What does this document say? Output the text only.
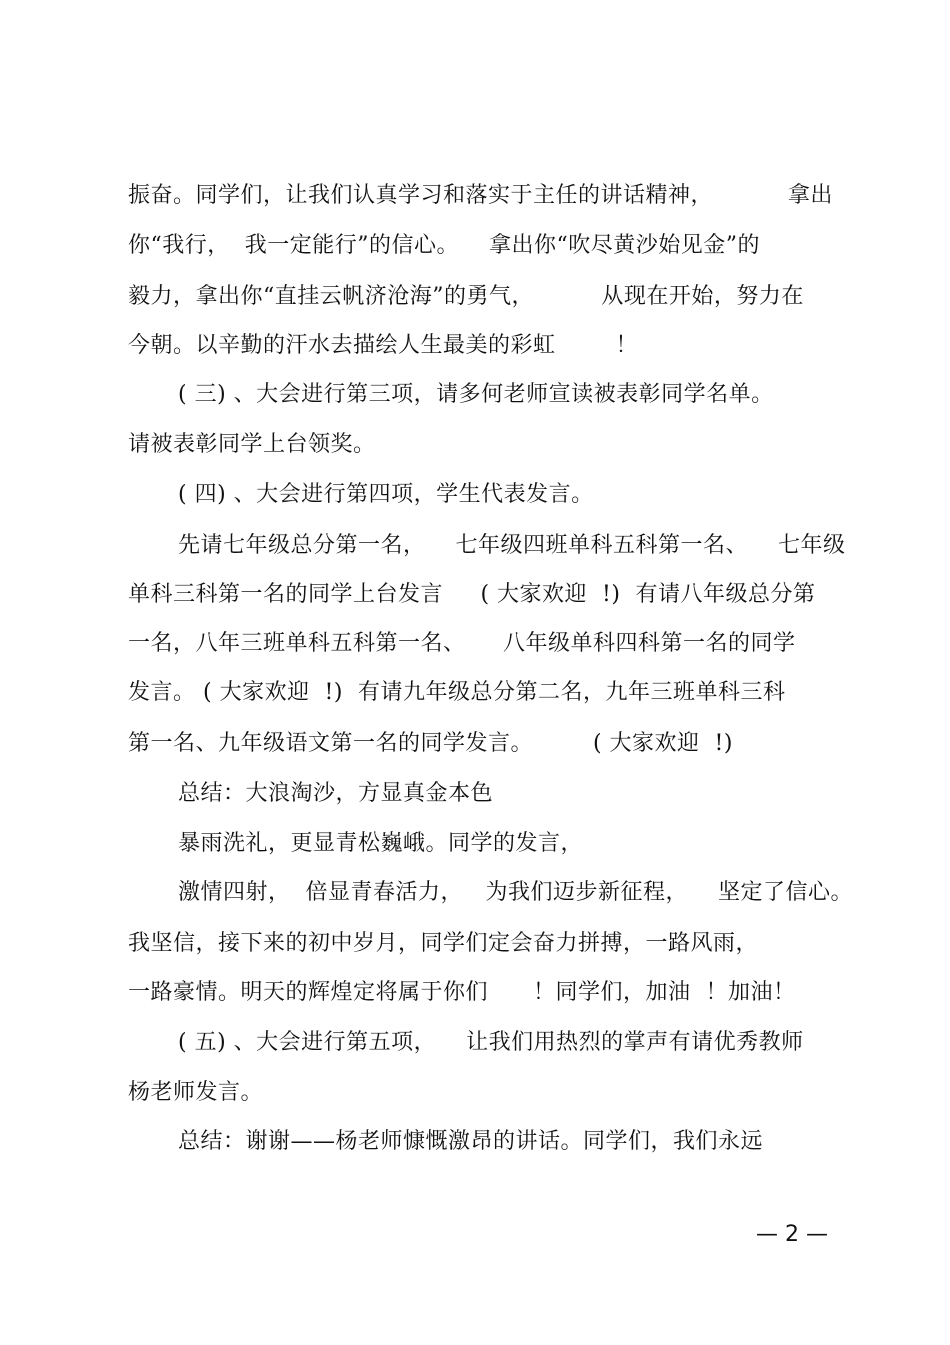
振奋。同学们，让我们认真学习和落实于主任的讲话精神，          拿出
你“我行，  我一定能行”的信心。    拿出你“吹尽黄沙始见金”的
毅力，拿出你“直挂云帆济沧海”的勇气，         从现在开始，努力在
今朝。以辛勤的汗水去描绘人生最美的彩虹        ！
( 三) 、大会进行第三项，请多何老师宣读被表彰同学名单。
请被表彰同学上台领奖。
( 四) 、大会进行第四项，学生代表发言。
先请七年级总分第一名，    七年级四班单科五科第一名、    七年级
单科三科第一名的同学上台发言     ( 大家欢迎  !)  有请八年级总分第
一名，八年三班单科五科第一名、     八年级单科四科第一名的同学
发言。 ( 大家欢迎  !)  有请九年级总分第二名，九年三班单科三科
第一名、九年级语文第一名的同学发言。        ( 大家欢迎  !)
总结：大浪淘沙，方显真金本色
暴雨洗礼，更显青松巍峨。同学的发言，
激情四射，  倍显青春活力，   为我们迈步新征程，    坚定了信心。
我坚信，接下来的初中岁月，同学们定会奋力拼搏，一路风雨，
一路豪情。明天的辉煌定将属于你们      ！同学们，加油  ！加油！
( 五) 、大会进行第五项，    让我们用热烈的掌声有请优秀教师
杨老师发言。
总结：谢谢——杨老师慷慨激昂的讲话。同学们，我们永远
— 2 —
